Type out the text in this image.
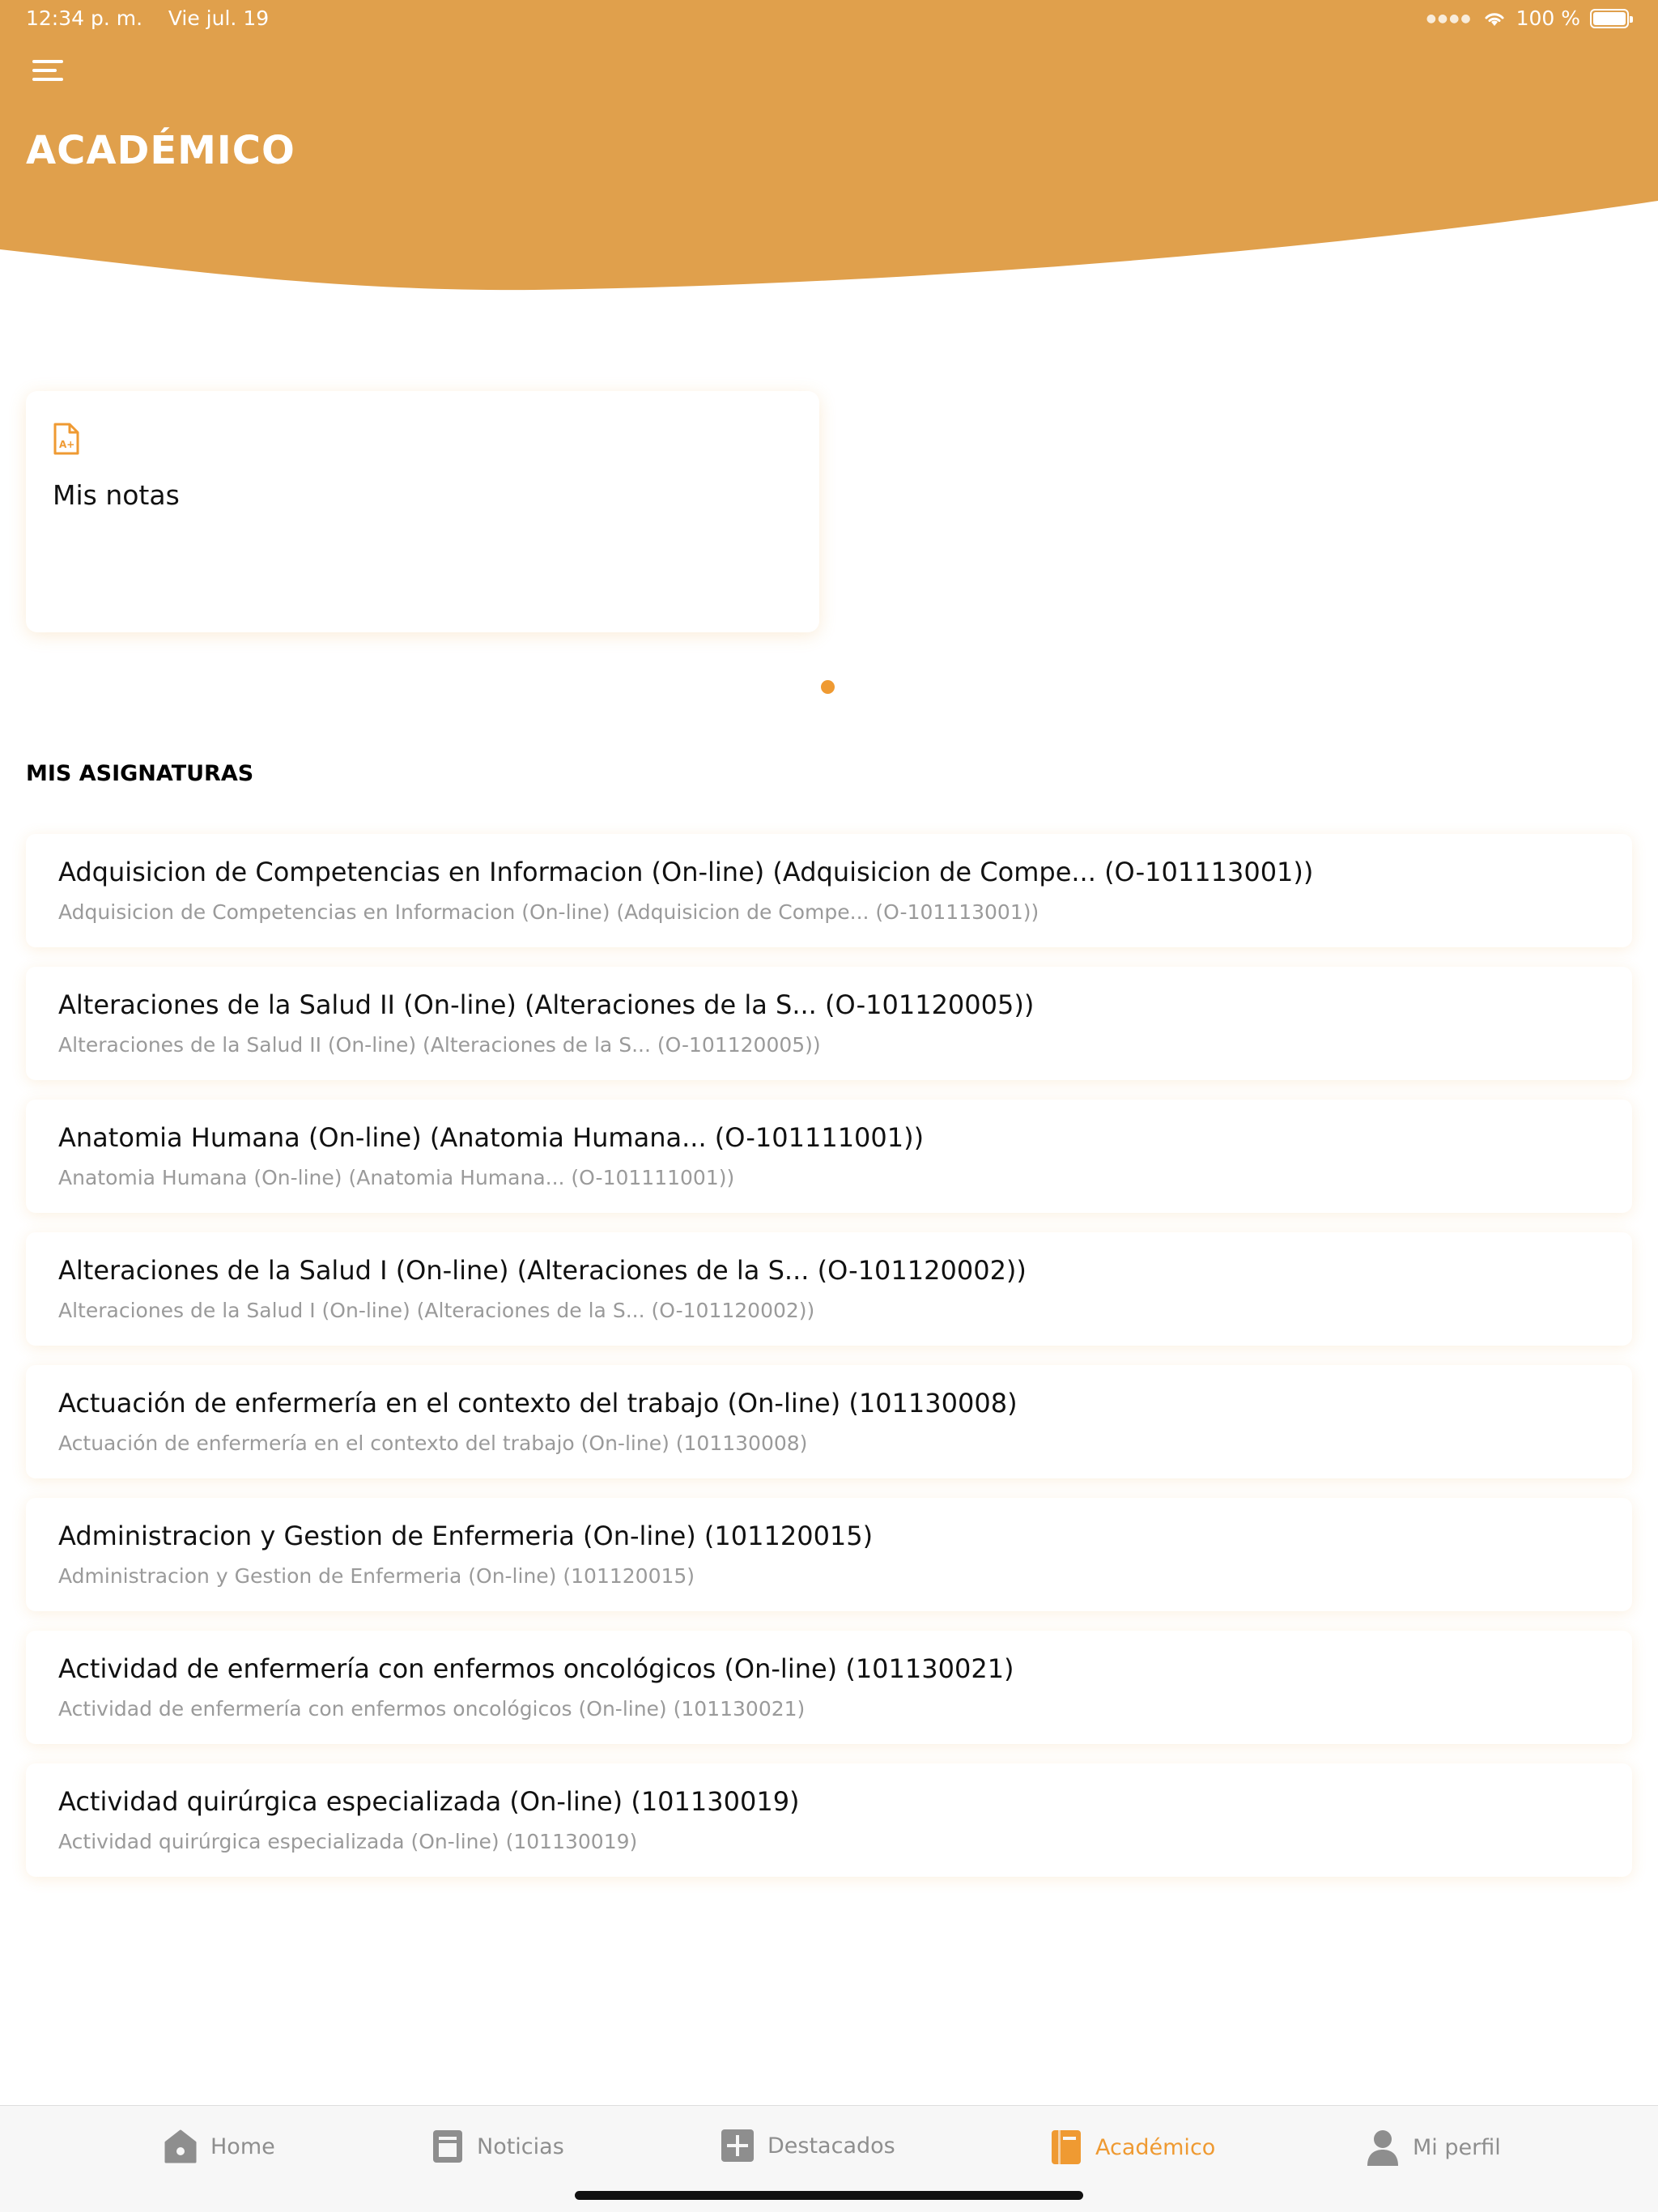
12:34 p. m. Vie jul. 19	●●●● 100 %
ACADÉMICO
A+
Mis notas
MIS ASIGNATURAS
Adquisicion de Competencias en Informacion (On-line) (Adquisicion de Compe... (O-101113001))
Adquisicion de Competencias en Informacion (On-line) (Adquisicion de Compe... (O-101113001))
Alteraciones de la Salud II (On-line) (Alteraciones de la S... (O-101120005))
Alteraciones de la Salud II (On-line) (Alteraciones de la S... (O-101120005))
Anatomia Humana (On-line) (Anatomia Humana... (O-101111001))
Anatomia Humana (On-line) (Anatomia Humana... (O-101111001))
Alteraciones de la Salud I (On-line) (Alteraciones de la S... (O-101120002))
Alteraciones de la Salud I (On-line) (Alteraciones de la S... (O-101120002))
Actuación de enfermería en el contexto del trabajo (On-line) (101130008)
Actuación de enfermería en el contexto del trabajo (On-line) (101130008)
Administracion y Gestion de Enfermeria (On-line) (101120015)
Administracion y Gestion de Enfermeria (On-line) (101120015)
Actividad de enfermería con enfermos oncológicos (On-line) (101130021)
Actividad de enfermería con enfermos oncológicos (On-line) (101130021)
Actividad quirúrgica especializada (On-line) (101130019)
Actividad quirúrgica especializada (On-line) (101130019)
Home	Noticias	Destacados	Académico	Mi perfil
